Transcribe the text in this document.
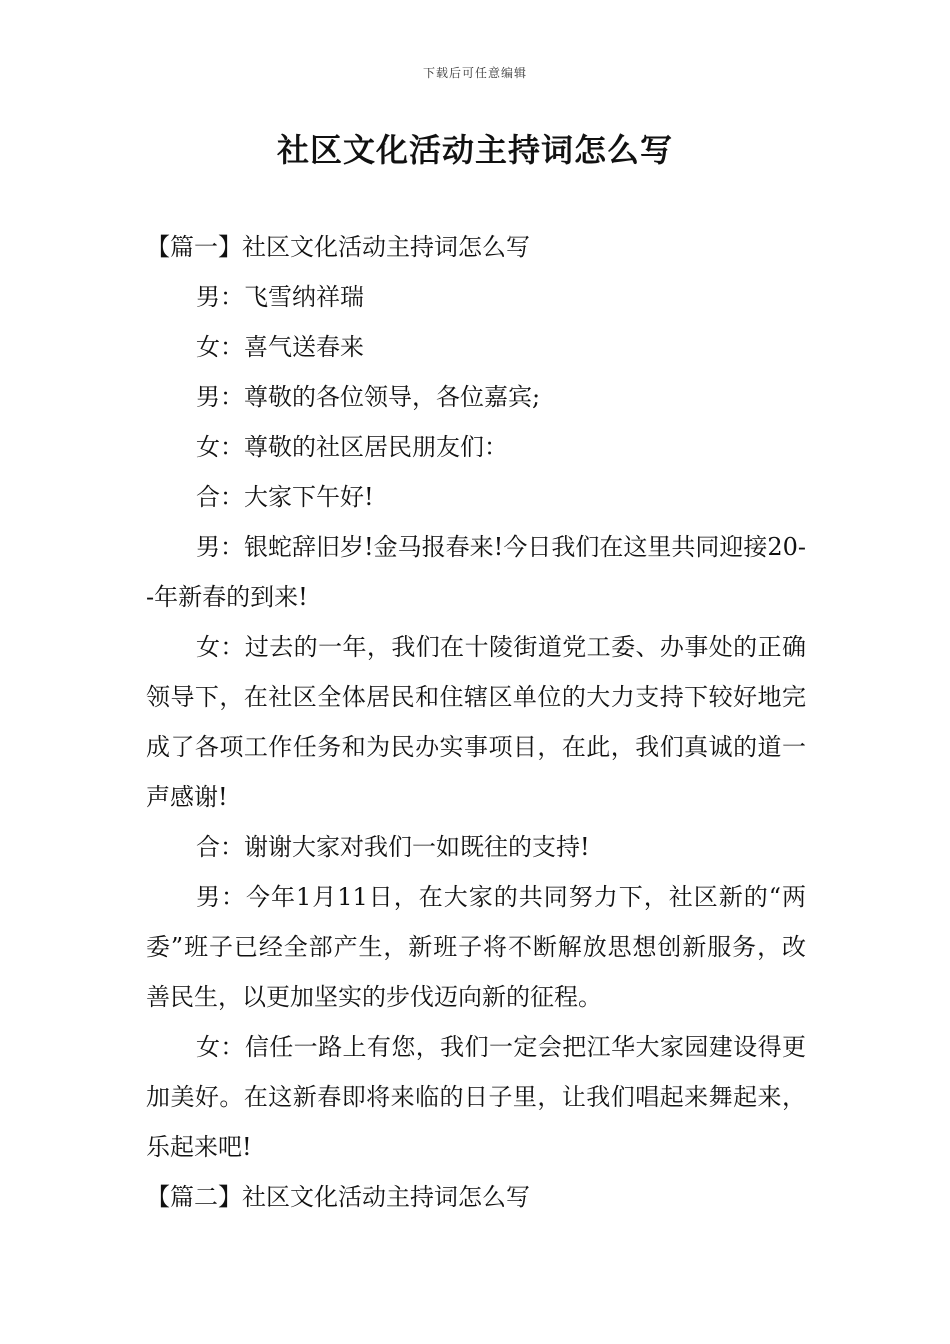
下载后可任意编辑
社区文化活动主持词怎么写

【篇一】社区文化活动主持词怎么写

男：飞雪纳祥瑞

女：喜气送春来

男：尊敬的各位领导，各位嘉宾;

女：尊敬的社区居民朋友们：

合：大家下午好!

男：银蛇辞旧岁!金马报春来!今日我们在这里共同迎接20--年新春的到来!

女：过去的一年，我们在十陵街道党工委、办事处的正确领导下，在社区全体居民和住辖区单位的大力支持下较好地完成了各项工作任务和为民办实事项目，在此，我们真诚的道一声感谢!

合：谢谢大家对我们一如既往的支持!

男：今年1月11日，在大家的共同努力下，社区新的“两委”班子已经全部产生，新班子将不断解放思想创新服务，改善民生，以更加坚实的步伐迈向新的征程。

女：信任一路上有您，我们一定会把江华大家园建设得更加美好。在这新春即将来临的日子里，让我们唱起来舞起来，乐起来吧!

【篇二】社区文化活动主持词怎么写
